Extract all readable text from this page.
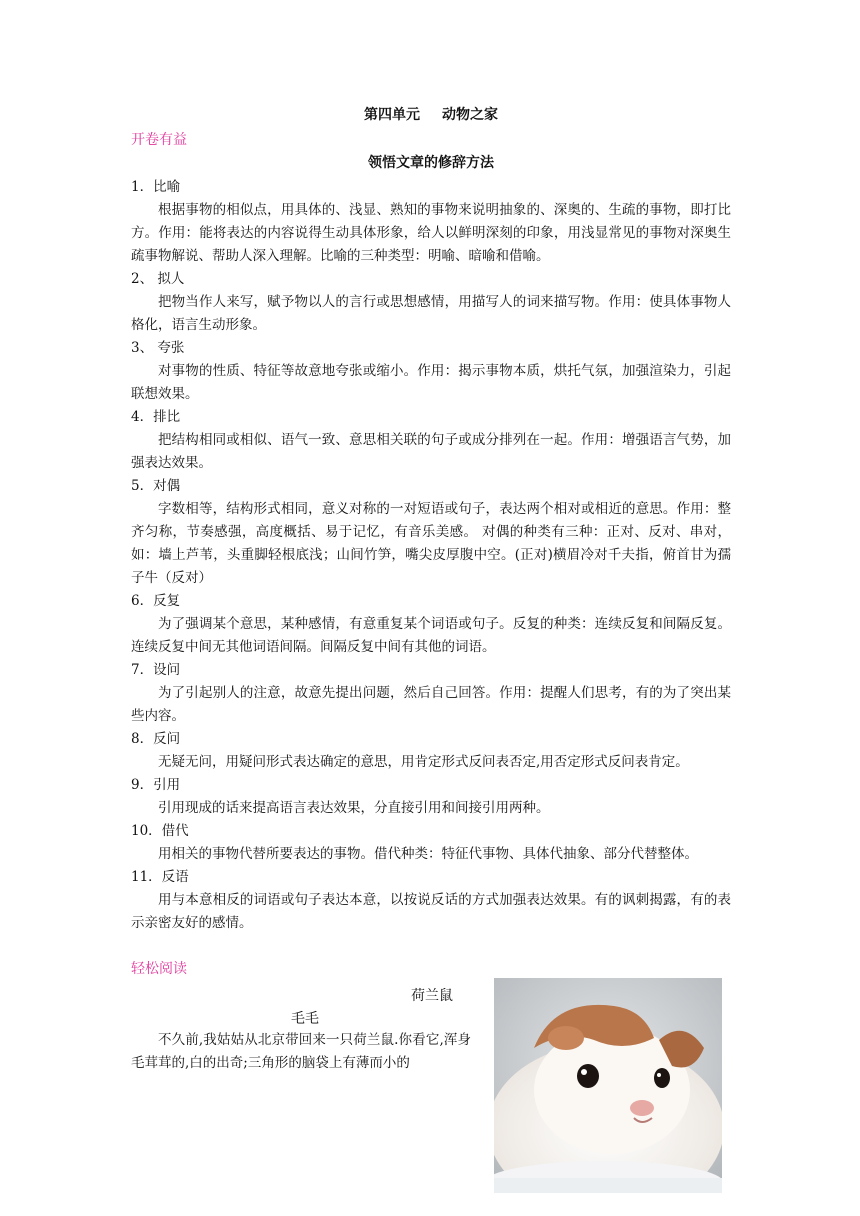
第四单元 动物之家
开卷有益
领悟文章的修辞方法
1．比喻

根据事物的相似点，用具体的、浅显、熟知的事物来说明抽象的、深奥的、生疏的事物，即打比方。作用：能将表达的内容说得生动具体形象，给人以鲜明深刻的印象，用浅显常见的事物对深奥生疏事物解说、帮助人深入理解。比喻的三种类型：明喻、暗喻和借喻。

2、 拟人

把物当作人来写，赋予物以人的言行或思想感情，用描写人的词来描写物。作用：使具体事物人格化，语言生动形象。

3、 夸张

对事物的性质、特征等故意地夸张或缩小。作用：揭示事物本质，烘托气氛，加强渲染力，引起联想效果。

4．排比

把结构相同或相似、语气一致、意思相关联的句子或成分排列在一起。作用：增强语言气势，加强表达效果。

5．对偶

字数相等，结构形式相同，意义对称的一对短语或句子，表达两个相对或相近的意思。作用：整齐匀称，节奏感强，高度概括、易于记忆，有音乐美感。 对偶的种类有三种：正对、反对、串对，如：墙上芦苇，头重脚轻根底浅；山间竹笋，嘴尖皮厚腹中空。(正对)横眉冷对千夫指，俯首甘为孺子牛（反对）

6．反复

为了强调某个意思，某种感情，有意重复某个词语或句子。反复的种类：连续反复和间隔反复。连续反复中间无其他词语间隔。间隔反复中间有其他的词语。

7．设问

为了引起别人的注意，故意先提出问题，然后自己回答。作用：提醒人们思考，有的为了突出某些内容。

8．反问

无疑无问，用疑问形式表达确定的意思，用肯定形式反问表否定,用否定形式反问表肯定。

9．引用

引用现成的话来提高语言表达效果，分直接引用和间接引用两种。

10．借代

用相关的事物代替所要表达的事物。借代种类：特征代事物、具体代抽象、部分代替整体。

11．反语

用与本意相反的词语或句子表达本意，以按说反话的方式加强表达效果。有的讽刺揭露，有的表示亲密友好的感情。

轻松阅读
荷兰鼠
毛毛

不久前,我姑姑从北京带回来一只荷兰鼠.你看它,浑身毛茸茸的,白的出奇;三角形的脑袋上有薄而小的
